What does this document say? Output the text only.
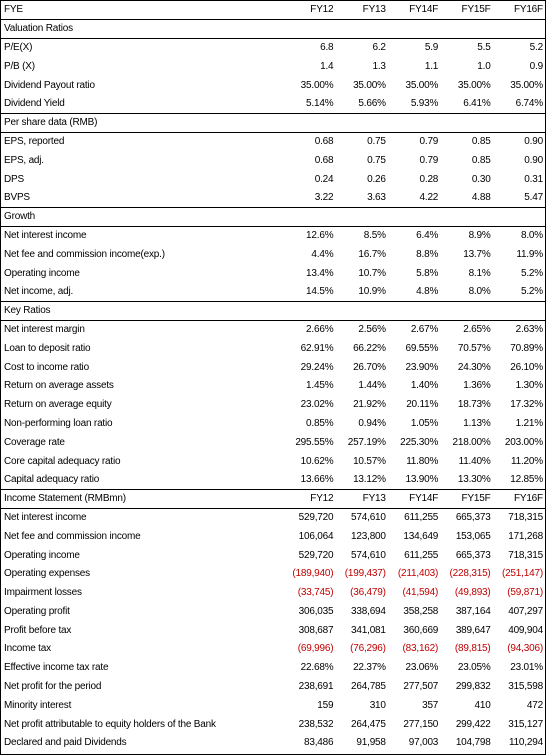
FYE	FY12	FY13	FY14F	FY15F	FY16F
Valuation Ratios
P/E(X)	6.8	6.2	5.9	5.5	5.2
P/B (X)	1.4	1.3	1.1	1.0	0.9
Dividend Payout ratio	35.00%	35.00%	35.00%	35.00%	35.00%
Dividend Yield	5.14%	5.66%	5.93%	6.41%	6.74%
Per share data (RMB)
EPS, reported	0.68	0.75	0.79	0.85	0.90
EPS, adj.	0.68	0.75	0.79	0.85	0.90
DPS	0.24	0.26	0.28	0.30	0.31
BVPS	3.22	3.63	4.22	4.88	5.47
Growth
Net interest income	12.6%	8.5%	6.4%	8.9%	8.0%
Net fee and commission income(exp.)	4.4%	16.7%	8.8%	13.7%	11.9%
Operating income	13.4%	10.7%	5.8%	8.1%	5.2%
Net income, adj.	14.5%	10.9%	4.8%	8.0%	5.2%
Key Ratios
Net interest margin	2.66%	2.56%	2.67%	2.65%	2.63%
Loan to deposit ratio	62.91%	66.22%	69.55%	70.57%	70.89%
Cost to income ratio	29.24%	26.70%	23.90%	24.30%	26.10%
Return on average assets	1.45%	1.44%	1.40%	1.36%	1.30%
Return on average equity	23.02%	21.92%	20.11%	18.73%	17.32%
Non-performing loan ratio	0.85%	0.94%	1.05%	1.13%	1.21%
Coverage rate	295.55%	257.19%	225.30%	218.00%	203.00%
Core capital adequacy ratio	10.62%	10.57%	11.80%	11.40%	11.20%
Capital adequacy ratio	13.66%	13.12%	13.90%	13.30%	12.85%
Income Statement (RMBmn)	FY12	FY13	FY14F	FY15F	FY16F
Net interest income	529,720	574,610	611,255	665,373	718,315
Net fee and commission income	106,064	123,800	134,649	153,065	171,268
Operating income	529,720	574,610	611,255	665,373	718,315
Operating expenses	(189,940)	(199,437)	(211,403)	(228,315)	(251,147)
Impairment losses	(33,745)	(36,479)	(41,594)	(49,893)	(59,871)
Operating profit	306,035	338,694	358,258	387,164	407,297
Profit before tax	308,687	341,081	360,669	389,647	409,904
Income tax	(69,996)	(76,296)	(83,162)	(89,815)	(94,306)
Effective income tax rate	22.68%	22.37%	23.06%	23.05%	23.01%
Net profit for the period	238,691	264,785	277,507	299,832	315,598
Minority interest	159	310	357	410	472
Net profit attributable to equity holders of the Bank	238,532	264,475	277,150	299,422	315,127
Declared and paid Dividends	83,486	91,958	97,003	104,798	110,294
